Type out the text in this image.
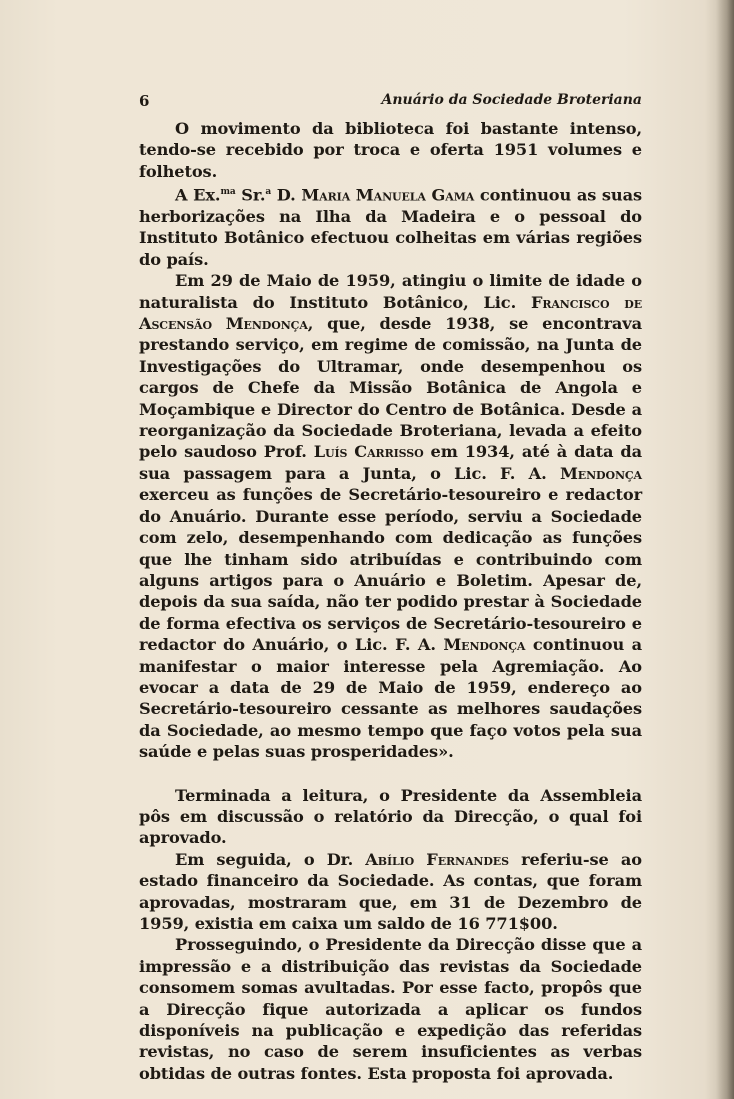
6	Anuário da Sociedade Broteriana

O movimento da biblioteca foi bastante intenso, tendo-se recebido por troca e oferta 1951 volumes e folhetos.

A Ex.$^{ma}$ Sr.$^a$ D. Maria Manuela Gama continuou as suas herborizações na Ilha da Madeira e o pessoal do Instituto Botânico efectuou colheitas em várias regiões do país.

Em 29 de Maio de 1959, atingiu o limite de idade o naturalista do Instituto Botânico, Lic. Francisco de Ascensão Mendonça, que, desde 1938, se encontrava prestando serviço, em regime de comissão, na Junta de Investigações do Ultramar, onde desempenhou os cargos de Chefe da Missão Botânica de Angola e Moçambique e Director do Centro de Botânica. Desde a reorganização da Sociedade Broteriana, levada a efeito pelo saudoso Prof. Luís Carrisso em 1934, até à data da sua passagem para a Junta, o Lic. F. A. Mendonça exerceu as funções de Secretário-tesoureiro e redactor do Anuário. Durante esse período, serviu a Sociedade com zelo, desempenhando com dedicação as funções que lhe tinham sido atribuídas e contribuindo com alguns artigos para o Anuário e Boletim. Apesar de, depois da sua saída, não ter podido prestar à Sociedade de forma efectiva os serviços de Secretário-tesoureiro e redactor do Anuário, o Lic. F. A. Mendonça continuou a manifestar o maior interesse pela Agremiação. Ao evocar a data de 29 de Maio de 1959, endereço ao Secretário-tesoureiro cessante as melhores saudações da Sociedade, ao mesmo tempo que faço votos pela sua saúde e pelas suas prosperidades».

Terminada a leitura, o Presidente da Assembleia pôs em discussão o relatório da Direcção, o qual foi aprovado.

Em seguida, o Dr. Abílio Fernandes referiu-se ao estado financeiro da Sociedade. As contas, que foram aprovadas, mostraram que, em 31 de Dezembro de 1959, existia em caixa um saldo de 16 771$00.

Prosseguindo, o Presidente da Direcção disse que a impressão e a distribuição das revistas da Sociedade consomem somas avultadas. Por esse facto, propôs que a Direcção fique autorizada a aplicar os fundos disponíveis na publicação e expedição das referidas revistas, no caso de serem insuficientes as verbas obtidas de outras fontes. Esta proposta foi aprovada.
